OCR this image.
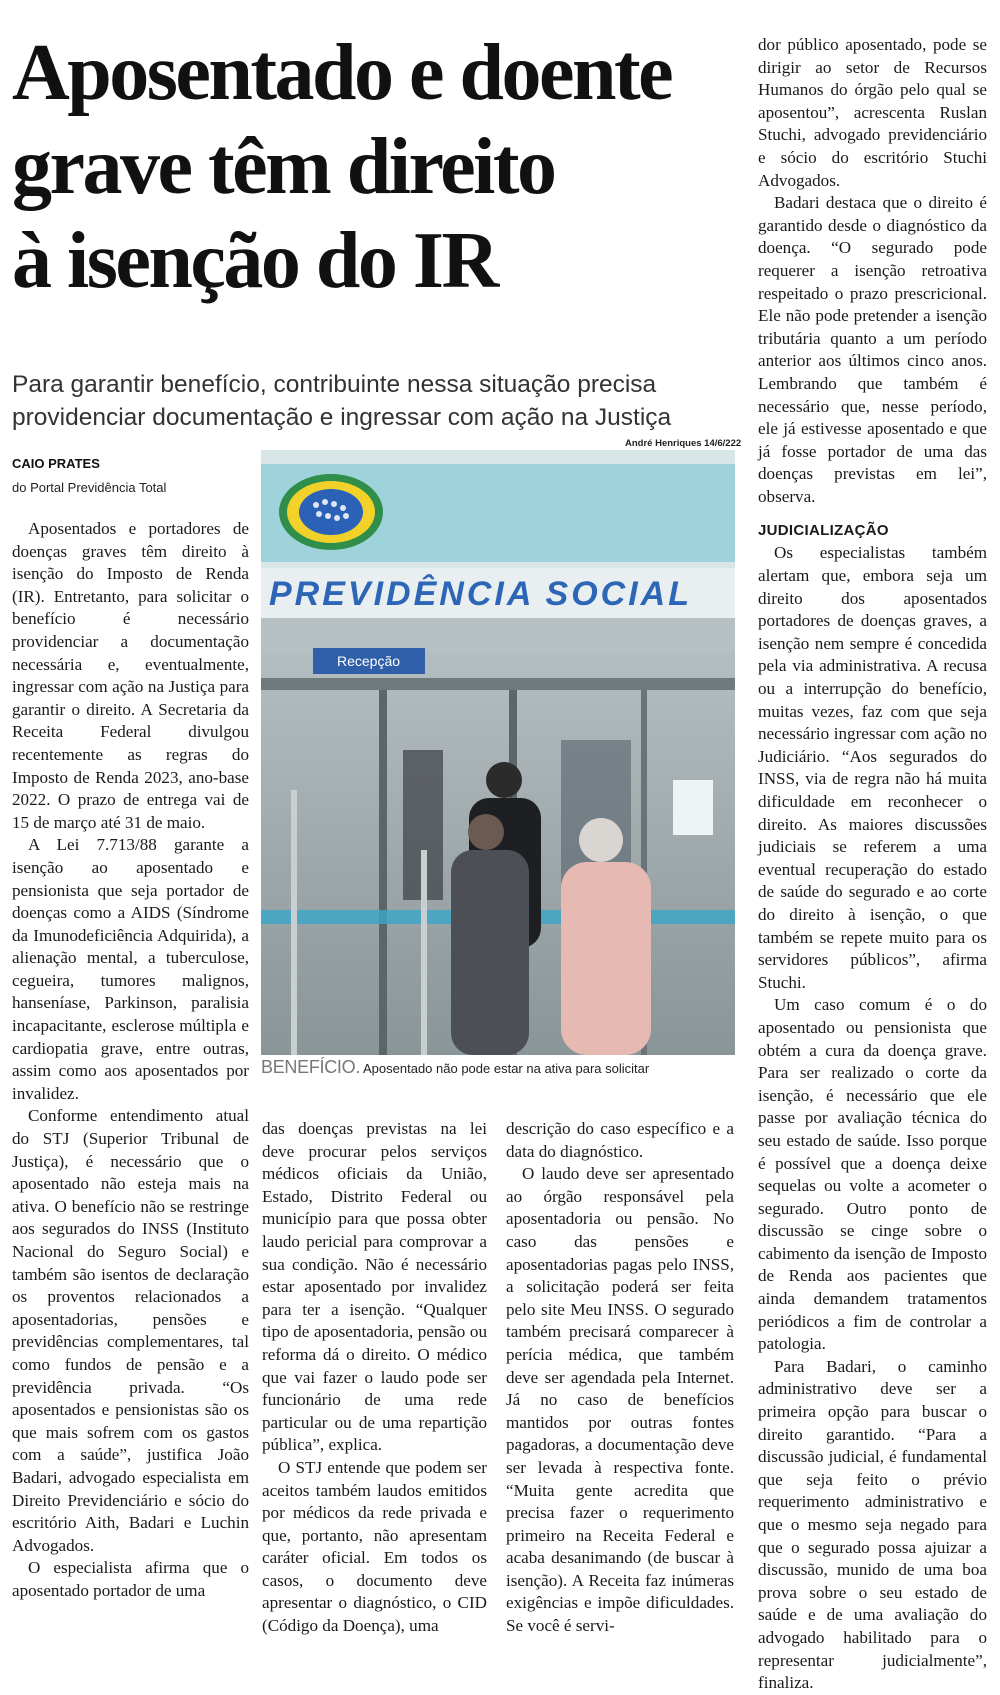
Aposentado e doente
grave têm direito
à isenção do IR

Para garantir benefício, contribuinte nessa situação precisa
providenciar documentação e ingressar com ação na Justiça

CAIO PRATES
do Portal Previdência Total
André Henriques 14/6/222
PREVIDÊNCIA SOCIAL
Recepção
BENEFÍCIO. Aposentado não pode estar na ativa para solicitar

Aposentados e portadores de doenças graves têm direito à isenção do Imposto de Renda (IR). Entretanto, para solicitar o benefício é necessário providenciar a documentação necessária e, eventualmente, ingressar com ação na Justiça para garantir o direito. A Secretaria da Receita Federal divulgou recentemente as regras do Imposto de Renda 2023, ano-base 2022. O prazo de entrega vai de 15 de março até 31 de maio.

A Lei 7.713/88 garante a isenção ao aposentado e pensionista que seja portador de doenças como a AIDS (Síndrome da Imunodeficiência Adquirida), a alienação mental, a tuberculose, cegueira, tumores malignos, hanseníase, Parkinson, paralisia incapacitante, esclerose múltipla e cardiopatia grave, entre outras, assim como aos aposentados por invalidez.

Conforme entendimento atual do STJ (Superior Tribunal de Justiça), é necessário que o aposentado não esteja mais na ativa. O benefício não se restringe aos segurados do INSS (Instituto Nacional do Seguro Social) e também são isentos de declaração os proventos relacionados a aposentadorias, pensões e previdências complementares, tal como fundos de pensão e a previdência privada. “Os aposentados e pensionistas são os que mais sofrem com os gastos com a saúde”, justifica João Badari, advogado especialista em Direito Previdenciário e sócio do escritório Aith, Badari e Luchin Advogados.

O especialista afirma que o aposentado portador de uma

das doenças previstas na lei deve procurar pelos serviços médicos oficiais da União, Estado, Distrito Federal ou município para que possa obter laudo pericial para comprovar a sua condição. Não é necessário estar aposentado por invalidez para ter a isenção. “Qualquer tipo de aposentadoria, pensão ou reforma dá o direito. O médico que vai fazer o laudo pode ser funcionário de uma rede particular ou de uma repartição pública”, explica.

O STJ entende que podem ser aceitos também laudos emitidos por médicos da rede privada e que, portanto, não apresentam caráter oficial. Em todos os casos, o documento deve apresentar o diagnóstico, o CID (Código da Doença), uma

descrição do caso específico e a data do diagnóstico.

O laudo deve ser apresentado ao órgão responsável pela aposentadoria ou pensão. No caso das pensões e aposentadorias pagas pelo INSS, a solicitação poderá ser feita pelo site Meu INSS. O segurado também precisará comparecer à perícia médica, que também deve ser agendada pela Internet. Já no caso de benefícios mantidos por outras fontes pagadoras, a documentação deve ser levada à respectiva fonte. “Muita gente acredita que precisa fazer o requerimento primeiro na Receita Federal e acaba desanimando (de buscar à isenção). A Receita faz inúmeras exigências e impõe dificuldades. Se você é servi-

dor público aposentado, pode se dirigir ao setor de Recursos Humanos do órgão pelo qual se aposentou”, acrescenta Ruslan Stuchi, advogado previdenciário e sócio do escritório Stuchi Advogados.

Badari destaca que o direito é garantido desde o diagnóstico da doença. “O segurado pode requerer a isenção retroativa respeitado o prazo prescricional. Ele não pode pretender a isenção tributária quanto a um período anterior aos últimos cinco anos. Lembrando que também é necessário que, nesse período, ele já estivesse aposentado e que já fosse portador de uma das doenças previstas em lei”, observa.

JUDICIALIZAÇÃO

Os especialistas também alertam que, embora seja um direito dos aposentados portadores de doenças graves, a isenção nem sempre é concedida pela via administrativa. A recusa ou a interrupção do benefício, muitas vezes, faz com que seja necessário ingressar com ação no Judiciário. “Aos segurados do INSS, via de regra não há muita dificuldade em reconhecer o direito. As maiores discussões judiciais se referem a uma eventual recuperação do estado de saúde do segurado e ao corte do direito à isenção, o que também se repete muito para os servidores públicos”, afirma Stuchi.

Um caso comum é o do aposentado ou pensionista que obtém a cura da doença grave. Para ser realizado o corte da isenção, é necessário que ele passe por avaliação técnica do seu estado de saúde. Isso porque é possível que a doença deixe sequelas ou volte a acometer o segurado. Outro ponto de discussão se cinge sobre o cabimento da isenção de Imposto de Renda aos pacientes que ainda demandem tratamentos periódicos a fim de controlar a patologia.

Para Badari, o caminho administrativo deve ser a primeira opção para buscar o direito garantido. “Para a discussão judicial, é fundamental que seja feito o prévio requerimento administrativo e que o mesmo seja negado para que o segurado possa ajuizar a discussão, munido de uma boa prova sobre o seu estado de saúde e de uma avaliação do advogado habilitado para o representar judicialmente”, finaliza.
